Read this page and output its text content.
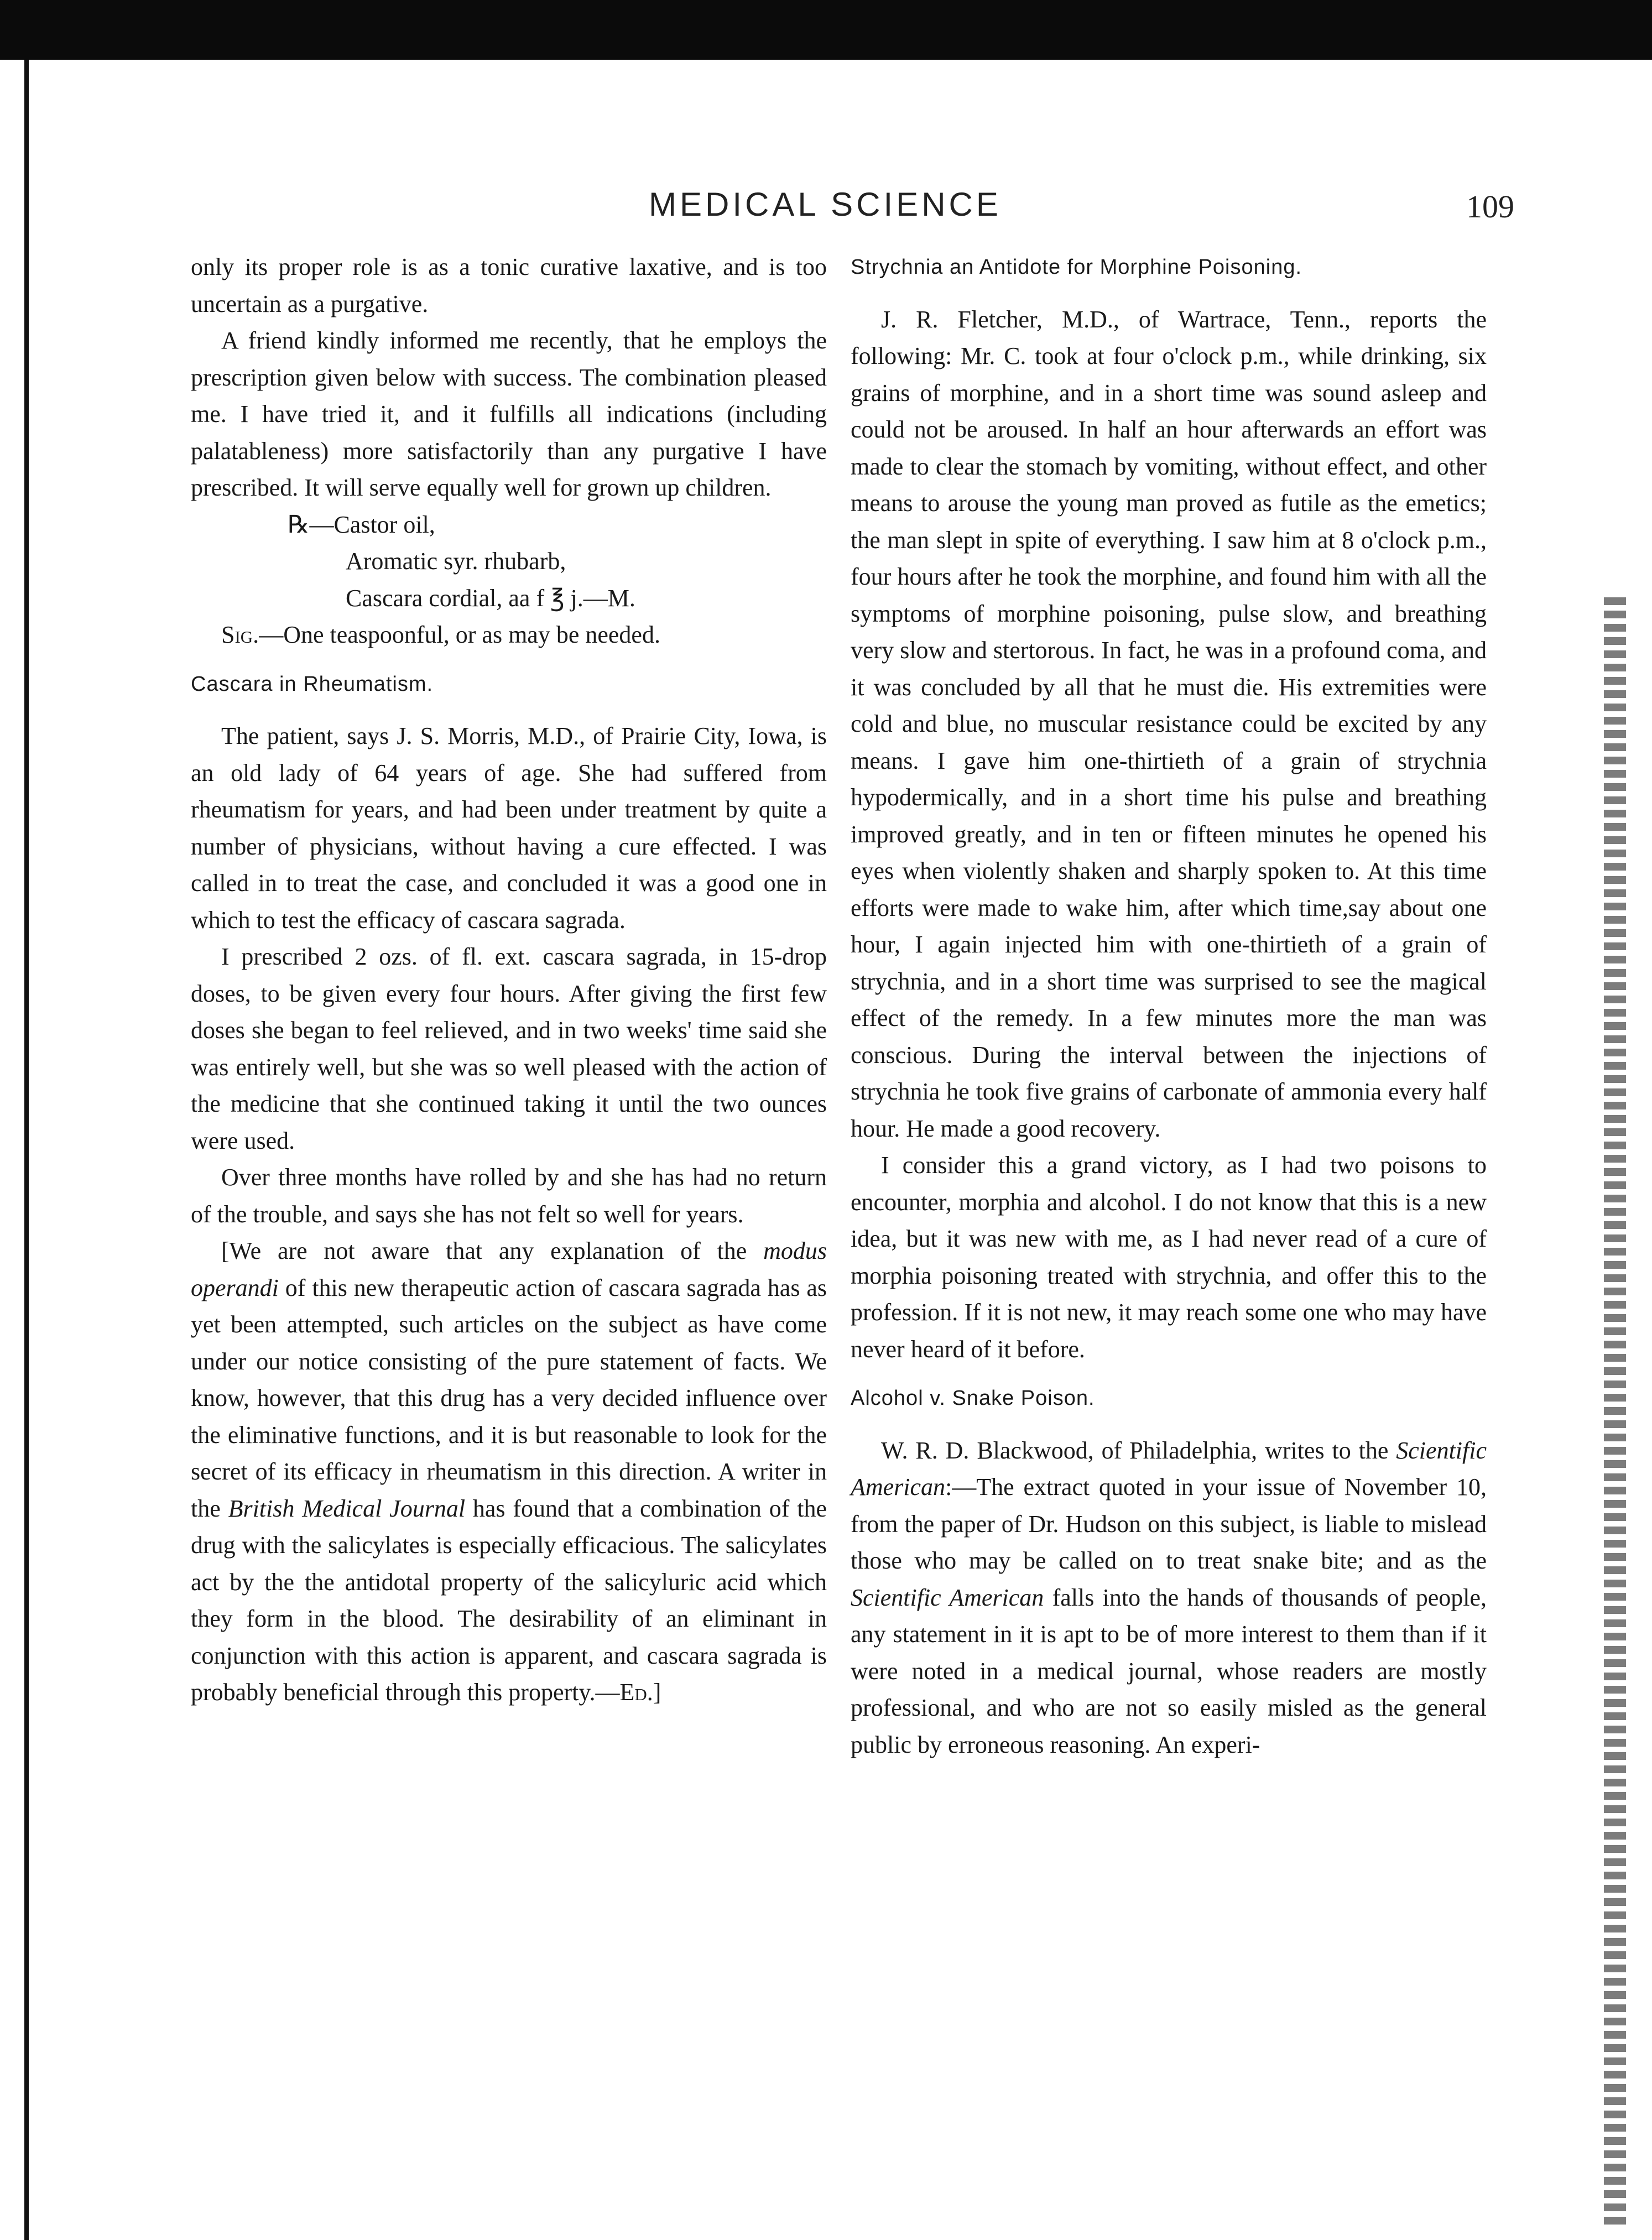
MEDICAL SCIENCE	109

only its proper role is as a tonic curative laxative, and is too uncertain as a purgative.

A friend kindly informed me recently, that he employs the prescription given below with success. The combination pleased me. I have tried it, and it fulfills all indications (including palatableness) more satisfactorily than any purgative I have prescribed. It will serve equally well for grown up children.

℞—Castor oil,
Aromatic syr. rhubarb,
Cascara cordial, aa f ℥ j.—M.

Sig.—One teaspoonful, or as may be needed.

Cascara in Rheumatism.

The patient, says J. S. Morris, M.D., of Prairie City, Iowa, is an old lady of 64 years of age. She had suffered from rheumatism for years, and had been under treatment by quite a number of physicians, without having a cure effected. I was called in to treat the case, and concluded it was a good one in which to test the efficacy of cascara sagrada.

I prescribed 2 ozs. of fl. ext. cascara sagrada, in 15-drop doses, to be given every four hours. After giving the first few doses she began to feel relieved, and in two weeks' time said she was entirely well, but she was so well pleased with the action of the medicine that she continued taking it until the two ounces were used.

Over three months have rolled by and she has had no return of the trouble, and says she has not felt so well for years.

[We are not aware that any explanation of the modus operandi of this new therapeutic action of cascara sagrada has as yet been attempted, such articles on the subject as have come under our notice consisting of the pure statement of facts. We know, however, that this drug has a very decided influence over the eliminative functions, and it is but reasonable to look for the secret of its efficacy in rheumatism in this direction. A writer in the British Medical Journal has found that a combination of the drug with the salicylates is especially efficacious. The salicylates act by the the antidotal property of the salicyluric acid which they form in the blood. The desirability of an eliminant in conjunction with this action is apparent, and cascara sagrada is probably beneficial through this property.—Ed.]

Strychnia an Antidote for Morphine Poisoning.

J. R. Fletcher, M.D., of Wartrace, Tenn., reports the following: Mr. C. took at four o'clock p.m., while drinking, six grains of morphine, and in a short time was sound asleep and could not be aroused. In half an hour afterwards an effort was made to clear the stomach by vomiting, without effect, and other means to arouse the young man proved as futile as the emetics; the man slept in spite of everything. I saw him at 8 o'clock p.m., four hours after he took the morphine, and found him with all the symptoms of morphine poisoning, pulse slow, and breathing very slow and stertorous. In fact, he was in a profound coma, and it was concluded by all that he must die. His extremities were cold and blue, no muscular resistance could be excited by any means. I gave him one-thirtieth of a grain of strychnia hypodermically, and in a short time his pulse and breathing improved greatly, and in ten or fifteen minutes he opened his eyes when violently shaken and sharply spoken to. At this time efforts were made to wake him, after which time,say about one hour, I again injected him with one-thirtieth of a grain of strychnia, and in a short time was surprised to see the magical effect of the remedy. In a few minutes more the man was conscious. During the interval between the injections of strychnia he took five grains of carbonate of ammonia every half hour. He made a good recovery.

I consider this a grand victory, as I had two poisons to encounter, morphia and alcohol. I do not know that this is a new idea, but it was new with me, as I had never read of a cure of morphia poisoning treated with strychnia, and offer this to the profession. If it is not new, it may reach some one who may have never heard of it before.

Alcohol v. Snake Poison.

W. R. D. Blackwood, of Philadelphia, writes to the Scientific American:—The extract quoted in your issue of November 10, from the paper of Dr. Hudson on this subject, is liable to mislead those who may be called on to treat snake bite; and as the Scientific American falls into the hands of thousands of people, any statement in it is apt to be of more interest to them than if it were noted in a medical journal, whose readers are mostly professional, and who are not so easily misled as the general public by erroneous reasoning. An experi-
